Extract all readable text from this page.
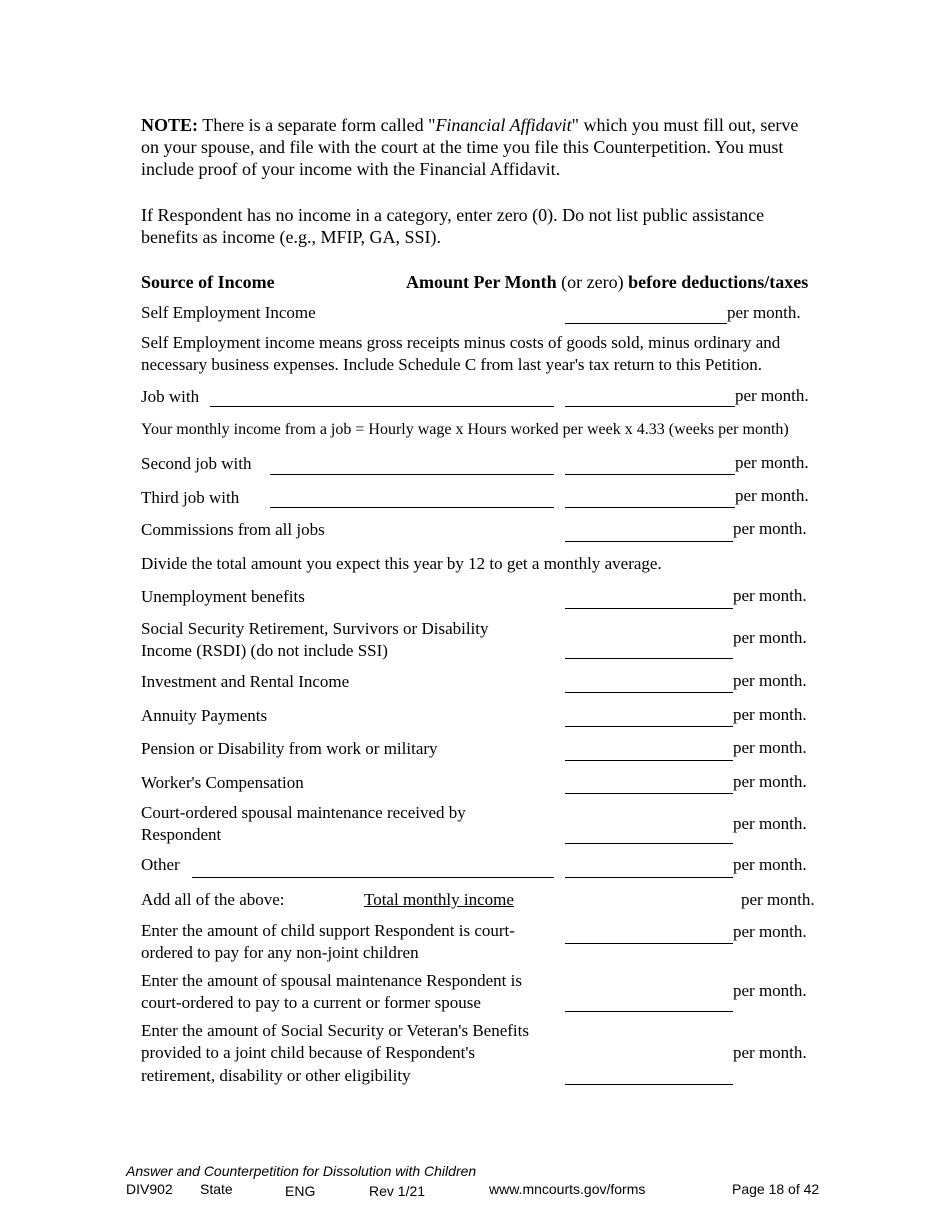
NOTE: There is a separate form called "Financial Affidavit" which you must fill out, serve
on your spouse, and file with the court at the time you file this Counterpetition. You must
include proof of your income with the Financial Affidavit.
If Respondent has no income in a category, enter zero (0). Do not list public assistance
benefits as income (e.g., MFIP, GA, SSI).
Source of Income	Amount Per Month (or zero) before deductions/taxes
Self Employment Income	per month.
Self Employment income means gross receipts minus costs of goods sold, minus ordinary and
necessary business expenses. Include Schedule C from last year's tax return to this Petition.
Job with	per month.
Your monthly income from a job = Hourly wage x Hours worked per week x 4.33 (weeks per month)
Second job with	per month.
Third job with	per month.
Commissions from all jobs	per month.
Divide the total amount you expect this year by 12 to get a monthly average.
Unemployment benefits	per month.
Social Security Retirement, Survivors or Disability
Income (RSDI) (do not include SSI)
per month.
Investment and Rental Income	per month.
Annuity Payments	per month.
Pension or Disability from work or military	per month.
Worker's Compensation	per month.
Court-ordered spousal maintenance received by
Respondent
per month.
Other	per month.
Add all of the above:	Total monthly income	per month.
Enter the amount of child support Respondent is court-
ordered to pay for any non-joint children
per month.
Enter the amount of spousal maintenance Respondent is
court-ordered to pay to a current or former spouse
per month.
Enter the amount of Social Security or Veteran's Benefits
provided to a joint child because of Respondent's
retirement, disability or other eligibility
per month.
Answer and Counterpetition for Dissolution with Children
DIV902 State	ENG	Rev 1/21	www.mncourts.gov/forms	Page 18 of 42
